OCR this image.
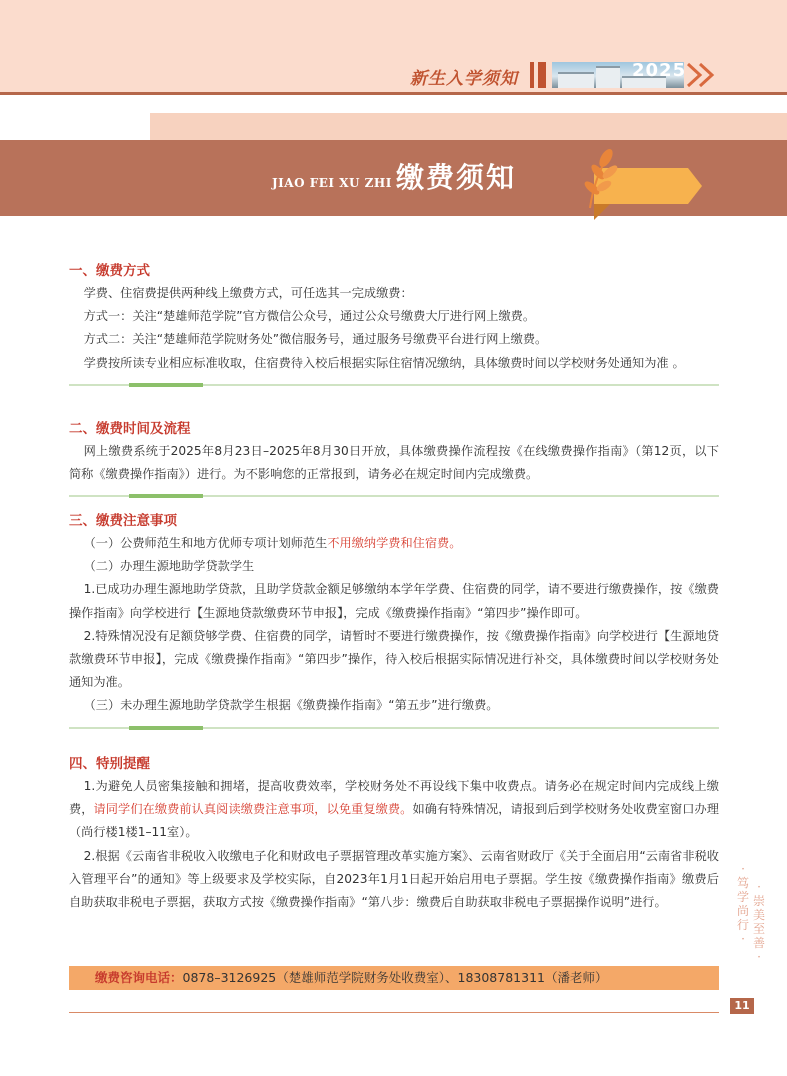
新生入学须知	2025
JIAO FEI XU ZHI 缴费须知
一、缴费方式
学费、住宿费提供两种线上缴费方式，可任选其一完成缴费：
方式一：关注“楚雄师范学院”官方微信公众号，通过公众号缴费大厅进行网上缴费。
方式二：关注“楚雄师范学院财务处”微信服务号，通过服务号缴费平台进行网上缴费。
学费按所读专业相应标准收取，住宿费待入校后根据实际住宿情况缴纳，具体缴费时间以学校财务处通知为准 。
二、缴费时间及流程
网上缴费系统于2025年8月23日–2025年8月30日开放，具体缴费操作流程按《在线缴费操作指南》（第12页，以下简称《缴费操作指南》）进行。为不影响您的正常报到，请务必在规定时间内完成缴费。
三、缴费注意事项
（一）公费师范生和地方优师专项计划师范生不用缴纳学费和住宿费。
（二）办理生源地助学贷款学生
1.已成功办理生源地助学贷款，且助学贷款金额足够缴纳本学年学费、住宿费的同学，请不要进行缴费操作，按《缴费操作指南》向学校进行【生源地贷款缴费环节申报】，完成《缴费操作指南》“第四步”操作即可。
2.特殊情况没有足额贷够学费、住宿费的同学，请暂时不要进行缴费操作，按《缴费操作指南》向学校进行【生源地贷款缴费环节申报】，完成《缴费操作指南》“第四步”操作，待入校后根据实际情况进行补交，具体缴费时间以学校财务处通知为准。
（三）未办理生源地助学贷款学生根据《缴费操作指南》“第五步”进行缴费。
四、特别提醒
1.为避免人员密集接触和拥堵，提高收费效率，学校财务处不再设线下集中收费点。请务必在规定时间内完成线上缴费，请同学们在缴费前认真阅读缴费注意事项，以免重复缴费。如确有特殊情况，请报到后到学校财务处收费室窗口办理（尚行楼1楼1–11室）。
2.根据《云南省非税收入收缴电子化和财政电子票据管理改革实施方案》、云南省财政厅《关于全面启用“云南省非税收入管理平台”的通知》等上级要求及学校实际，自2023年1月1日起开始启用电子票据。学生按《缴费操作指南》缴费后自助获取非税电子票据，获取方式按《缴费操作指南》“第八步：缴费后自助获取非税电子票据操作说明”进行。
缴费咨询电话：0878–3126925（楚雄师范学院财务处收费室）、18308781311（潘老师）
11
·笃学尚行·
·崇美至善·
